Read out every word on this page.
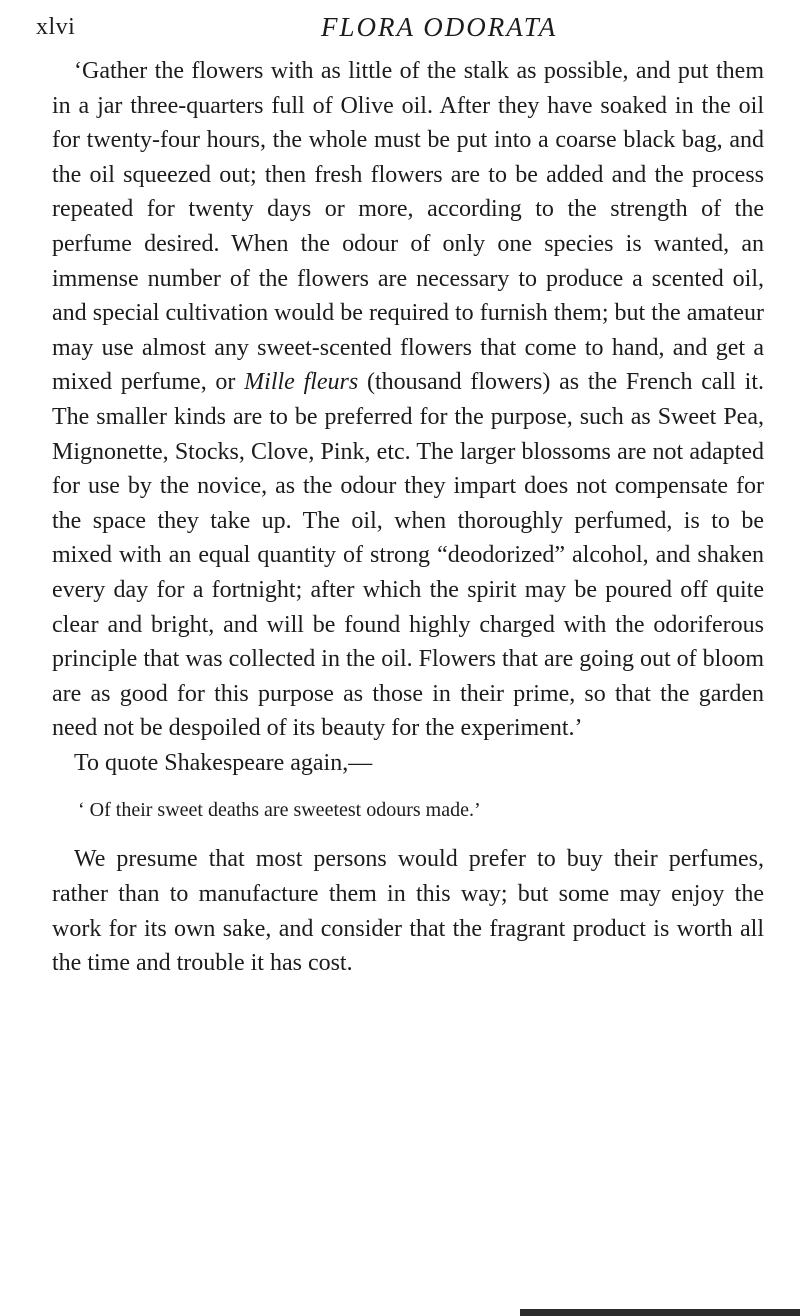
xlvi	FLORA ODORATA

‘Gather the flowers with as little of the stalk as possible, and put them in a jar three-quarters full of Olive oil. After they have soaked in the oil for twenty-four hours, the whole must be put into a coarse black bag, and the oil squeezed out; then fresh flowers are to be added and the process repeated for twenty days or more, according to the strength of the perfume desired. When the odour of only one species is wanted, an immense number of the flowers are necessary to produce a scented oil, and special cultivation would be required to furnish them; but the amateur may use almost any sweet-scented flowers that come to hand, and get a mixed perfume, or Mille fleurs (thousand flowers) as the French call it. The smaller kinds are to be preferred for the purpose, such as Sweet Pea, Mignonette, Stocks, Clove, Pink, etc. The larger blossoms are not adapted for use by the novice, as the odour they impart does not compensate for the space they take up. The oil, when thoroughly perfumed, is to be mixed with an equal quantity of strong “deodorized” alcohol, and shaken every day for a fortnight; after which the spirit may be poured off quite clear and bright, and will be found highly charged with the odoriferous principle that was collected in the oil. Flowers that are going out of bloom are as good for this purpose as those in their prime, so that the garden need not be despoiled of its beauty for the experiment.’

To quote Shakespeare again,—

‘ Of their sweet deaths are sweetest odours made.’

We presume that most persons would prefer to buy their perfumes, rather than to manufacture them in this way; but some may enjoy the work for its own sake, and consider that the fragrant product is worth all the time and trouble it has cost.
